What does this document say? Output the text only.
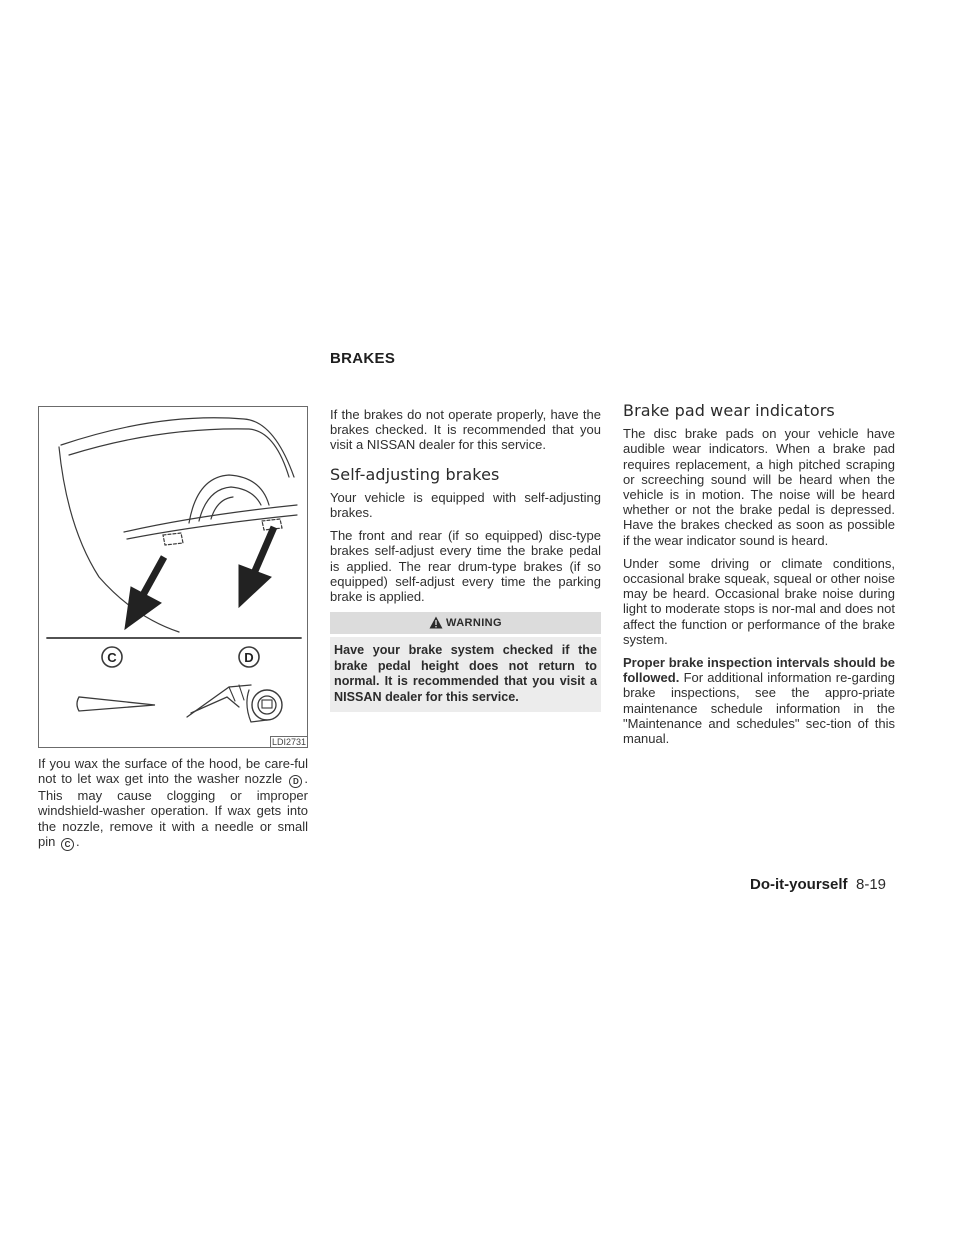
BRAKES
C	D
LDI2731

If you wax the surface of the hood, be care-ful not to let wax get into the washer nozzle D . This may cause clogging or improper windshield-washer operation. If wax gets into the nozzle, remove it with a needle or small pin C .

If the brakes do not operate properly, have the brakes checked. It is recommended that you visit a NISSAN dealer for this service.

Self-adjusting brakes

Your vehicle is equipped with self-adjusting brakes.

The front and rear (if so equipped) disc-type brakes self-adjust every time the brake pedal is applied. The rear drum-type brakes (if so equipped) self-adjust every time the parking brake is applied.

WARNING
Have your brake system checked if the brake pedal height does not return to normal. It is recommended that you visit a NISSAN dealer for this service.
Brake pad wear indicators

The disc brake pads on your vehicle have audible wear indicators. When a brake pad requires replacement, a high pitched scraping or screeching sound will be heard when the vehicle is in motion. The noise will be heard whether or not the brake pedal is depressed. Have the brakes checked as soon as possible if the wear indicator sound is heard.

Under some driving or climate conditions, occasional brake squeak, squeal or other noise may be heard. Occasional brake noise during light to moderate stops is nor-mal and does not affect the function or performance of the brake system.

Proper brake inspection intervals should be followed. For additional information re-garding brake inspections, see the appro-priate maintenance schedule information in the "Maintenance and schedules" sec-tion of this manual.

Do-it-yourself 8-19
